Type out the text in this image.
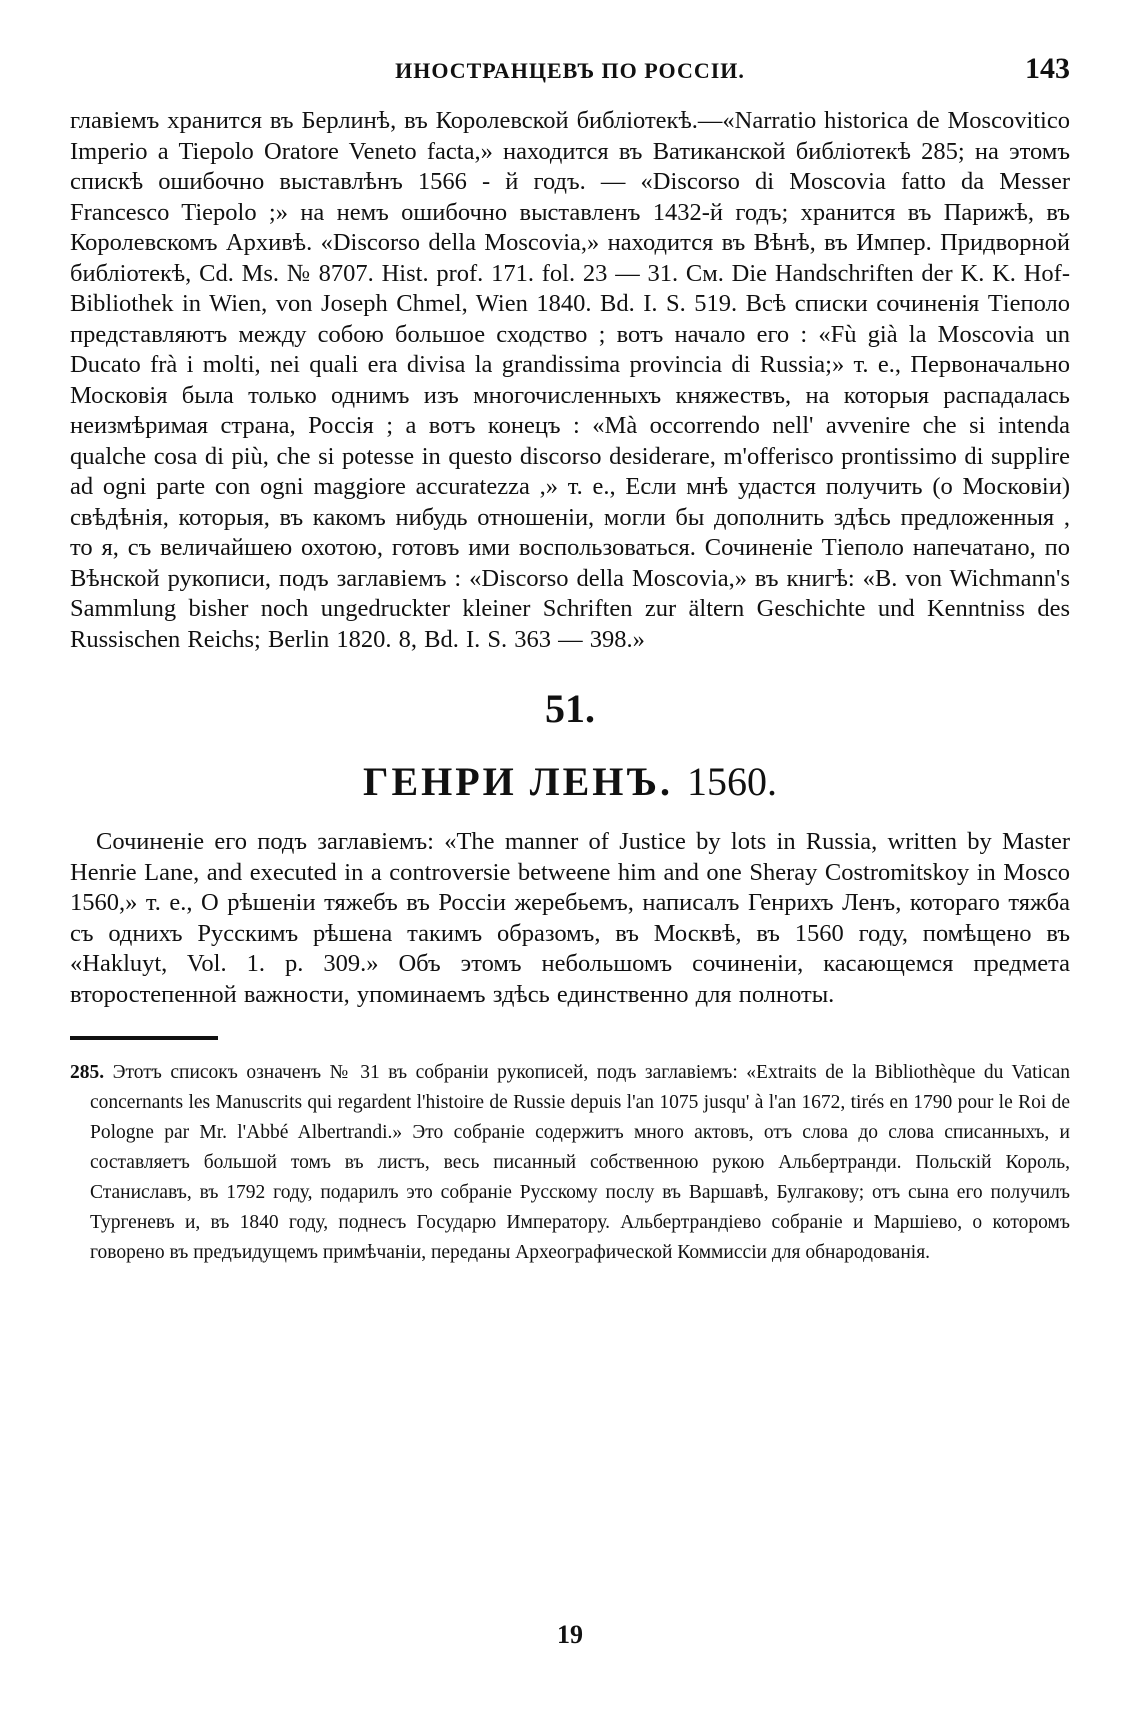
ИНОСТРАНЦЕВЪ ПО РОССІИ.	143

главіемъ хранится въ Берлинѣ, въ Королевской библіотекѣ.—«Narratio historica de Moscovitico Imperio a Tiepolo Oratore Veneto facta,» находится въ Ватиканской библіотекѣ 285; на этомъ спискѣ ошибочно выставлѣнъ 1566 - й годъ. — «Discorso di Moscovia fatto da Messer Francesco Tiepolo ;» на немъ ошибочно выставленъ 1432-й годъ; хранится въ Парижѣ, въ Королевскомъ Архивѣ. «Discorso della Moscovia,» находится въ Вѣнѣ, въ Импер. Придворной библіотекѣ, Cd. Ms. № 8707. Hist. prof. 171. fol. 23 — 31. См. Die Handschriften der K. K. Hof-Bibliothek in Wien, von Joseph Chmel, Wien 1840. Bd. I. S. 519. Всѣ списки сочиненія Тіеполо представляютъ между собою большое сходство ; вотъ начало его : «Fù già la Moscovia un Ducato frà i molti, nei quali era divisa la grandissima provincia di Russia;» т. е., Первоначально Московія была только однимъ изъ многочисленныхъ княжествъ, на которыя распадалась неизмѣримая страна, Россія ; а вотъ конецъ : «Mà occorrendo nell' avvenire che si intenda qualche cosa di più, che si potesse in questo discorso desiderare, m'offerisco prontissimo di supplire ad ogni parte con ogni maggiore accuratezza ,» т. е., Если мнѣ удастся получить (о Московіи) свѣдѣнія, которыя, въ какомъ нибудь отношеніи, могли бы дополнить здѣсь предложенныя , то я, съ величайшею охотою, готовъ ими воспользоваться. Сочиненіе Тіеполо напечатано, по Вѣнской рукописи, подъ заглавіемъ : «Discorso della Moscovia,» въ книгѣ: «B. von Wichmann's Sammlung bisher noch ungedruckter kleiner Schriften zur ältern Geschichte und Kenntniss des Russischen Reichs; Berlin 1820. 8, Bd. I. S. 363 — 398.»

51.
ГЕНРИ ЛЕНЪ. 1560.

Сочиненіе его подъ заглавіемъ: «The manner of Justice by lots in Russia, written by Master Henrie Lane, and executed in a controversie betweene him and one Sheray Costromitskoy in Mosco 1560,» т. е., О рѣшеніи тяжебъ въ Россіи жеребьемъ, написалъ Генрихъ Ленъ, котораго тяжба съ однихъ Русскимъ рѣшена такимъ образомъ, въ Москвѣ, въ 1560 году, помѣщено въ «Hakluyt, Vol. 1. p. 309.» Объ этомъ небольшомъ сочиненіи, касающемся предмета второстепенной важности, упоминаемъ здѣсь единственно для полноты.

285. Этотъ списокъ означенъ № 31 въ собраніи рукописей, подъ заглавіемъ: «Extraits de la Bibliothèque du Vatican concernants les Manuscrits qui regardent l'histoire de Russie depuis l'an 1075 jusqu' à l'an 1672, tirés en 1790 pour le Roi de Pologne par Mr. l'Abbé Albertrandi.» Это собраніе содержитъ много актовъ, отъ слова до слова списанныхъ, и составляетъ большой томъ въ листъ, весь писанный собственною рукою Альбертранди. Польскій Король, Станиславъ, въ 1792 году, подарилъ это собраніе Русскому послу въ Варшавѣ, Булгакову; отъ сына его получилъ Тургеневъ и, въ 1840 году, поднесъ Государю Императору. Альбертрандіево собраніе и Маршіево, о которомъ говорено въ предъидущемъ примѣчаніи, переданы Археографической Коммиссіи для обнародованія.

19
